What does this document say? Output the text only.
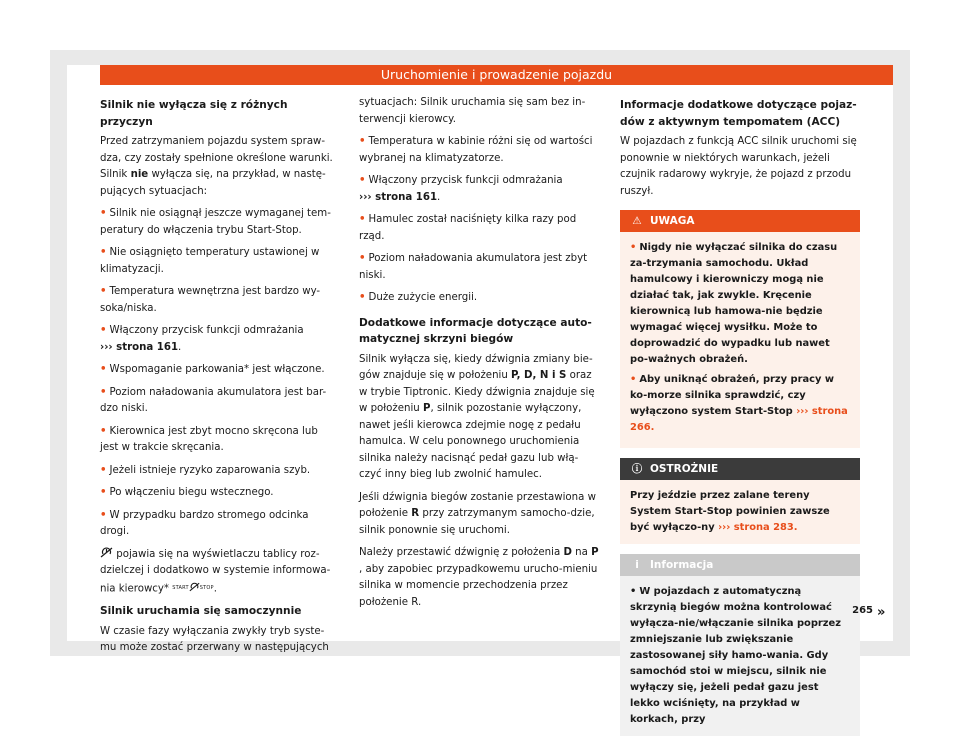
Uruchomienie i prowadzenie pojazdu
Silnik nie wyłącza się z różnych przyczyn

Przed zatrzymaniem pojazdu system spraw-dza, czy zostały spełnione określone warunki. Silnik nie wyłącza się, na przykład, w nastę-pujących sytuacjach:

• Silnik nie osiągnął jeszcze wymaganej tem-peratury do włączenia trybu Start-Stop.

• Nie osiągnięto temperatury ustawionej w klimatyzacji.

• Temperatura wewnętrzna jest bardzo wy-soka/niska.

• Włączony przycisk funkcji odmrażania
››› strona 161.

• Wspomaganie parkowania* jest włączone.

• Poziom naładowania akumulatora jest bar-dzo niski.

• Kierownica jest zbyt mocno skręcona lub jest w trakcie skręcania.

• Jeżeli istnieje ryzyko zaparowania szyb.

• Po włączeniu biegu wstecznego.

• W przypadku bardzo stromego odcinka drogi.

pojawia się na wyświetlaczu tablicy roz-dzielczej i dodatkowo w systemie informowa-nia kierowcy* START STOP.

Silnik uruchamia się samoczynnie

W czasie fazy wyłączania zwykły tryb syste-mu może zostać przerwany w następujących

sytuacjach: Silnik uruchamia się sam bez in-terwencji kierowcy.

• Temperatura w kabinie różni się od wartości wybranej na klimatyzatorze.

• Włączony przycisk funkcji odmrażania
››› strona 161.

• Hamulec został naciśnięty kilka razy pod rząd.

• Poziom naładowania akumulatora jest zbyt niski.

• Duże zużycie energii.

Dodatkowe informacje dotyczące auto-matycznej skrzyni biegów

Silnik wyłącza się, kiedy dźwignia zmiany bie-gów znajduje się w położeniu P, D, N i S oraz w trybie Tiptronic. Kiedy dźwignia znajduje się w położeniu P, silnik pozostanie wyłączony, nawet jeśli kierowca zdejmie nogę z pedału hamulca. W celu ponownego uruchomienia silnika należy nacisnąć pedał gazu lub włą-czyć inny bieg lub zwolnić hamulec.

Jeśli dźwignia biegów zostanie przestawiona w położenie R przy zatrzymanym samocho-dzie, silnik ponownie się uruchomi.

Należy przestawić dźwignię z położenia D na P , aby zapobiec przypadkowemu urucho-mieniu silnika w momencie przechodzenia przez położenie R.

Informacje dodatkowe dotyczące pojaz-dów z aktywnym tempomatem (ACC)

W pojazdach z funkcją ACC silnik uruchomi się ponownie w niektórych warunkach, jeżeli czujnik radarowy wykryje, że pojazd z przodu ruszył.

⚠ UWAGA
• Nigdy nie wyłączać silnika do czasu za-trzymania samochodu. Układ hamulcowy i kierowniczy mogą nie działać tak, jak zwykle. Kręcenie kierownicą lub hamowa-nie będzie wymagać więcej wysiłku. Może to doprowadzić do wypadku lub nawet po-ważnych obrażeń.
• Aby uniknąć obrażeń, przy pracy w ko-morze silnika sprawdzić, czy wyłączono system Start-Stop ››› strona 266.
ⓘ OSTROŻNIE
Przy jeździe przez zalane tereny System Start-Stop powinien zawsze być wyłączo-ny ››› strona 283.
ⅰ Informacja
• W pojazdach z automatyczną skrzynią biegów można kontrolować wyłącza-nie/włączanie silnika poprzez zmniejszanie lub zwiększanie zastosowanej siły hamo-wania. Gdy samochód stoi w miejscu, silnik nie wyłączy się, jeżeli pedał gazu jest lekko wciśnięty, na przykład w korkach, przy
»
265
